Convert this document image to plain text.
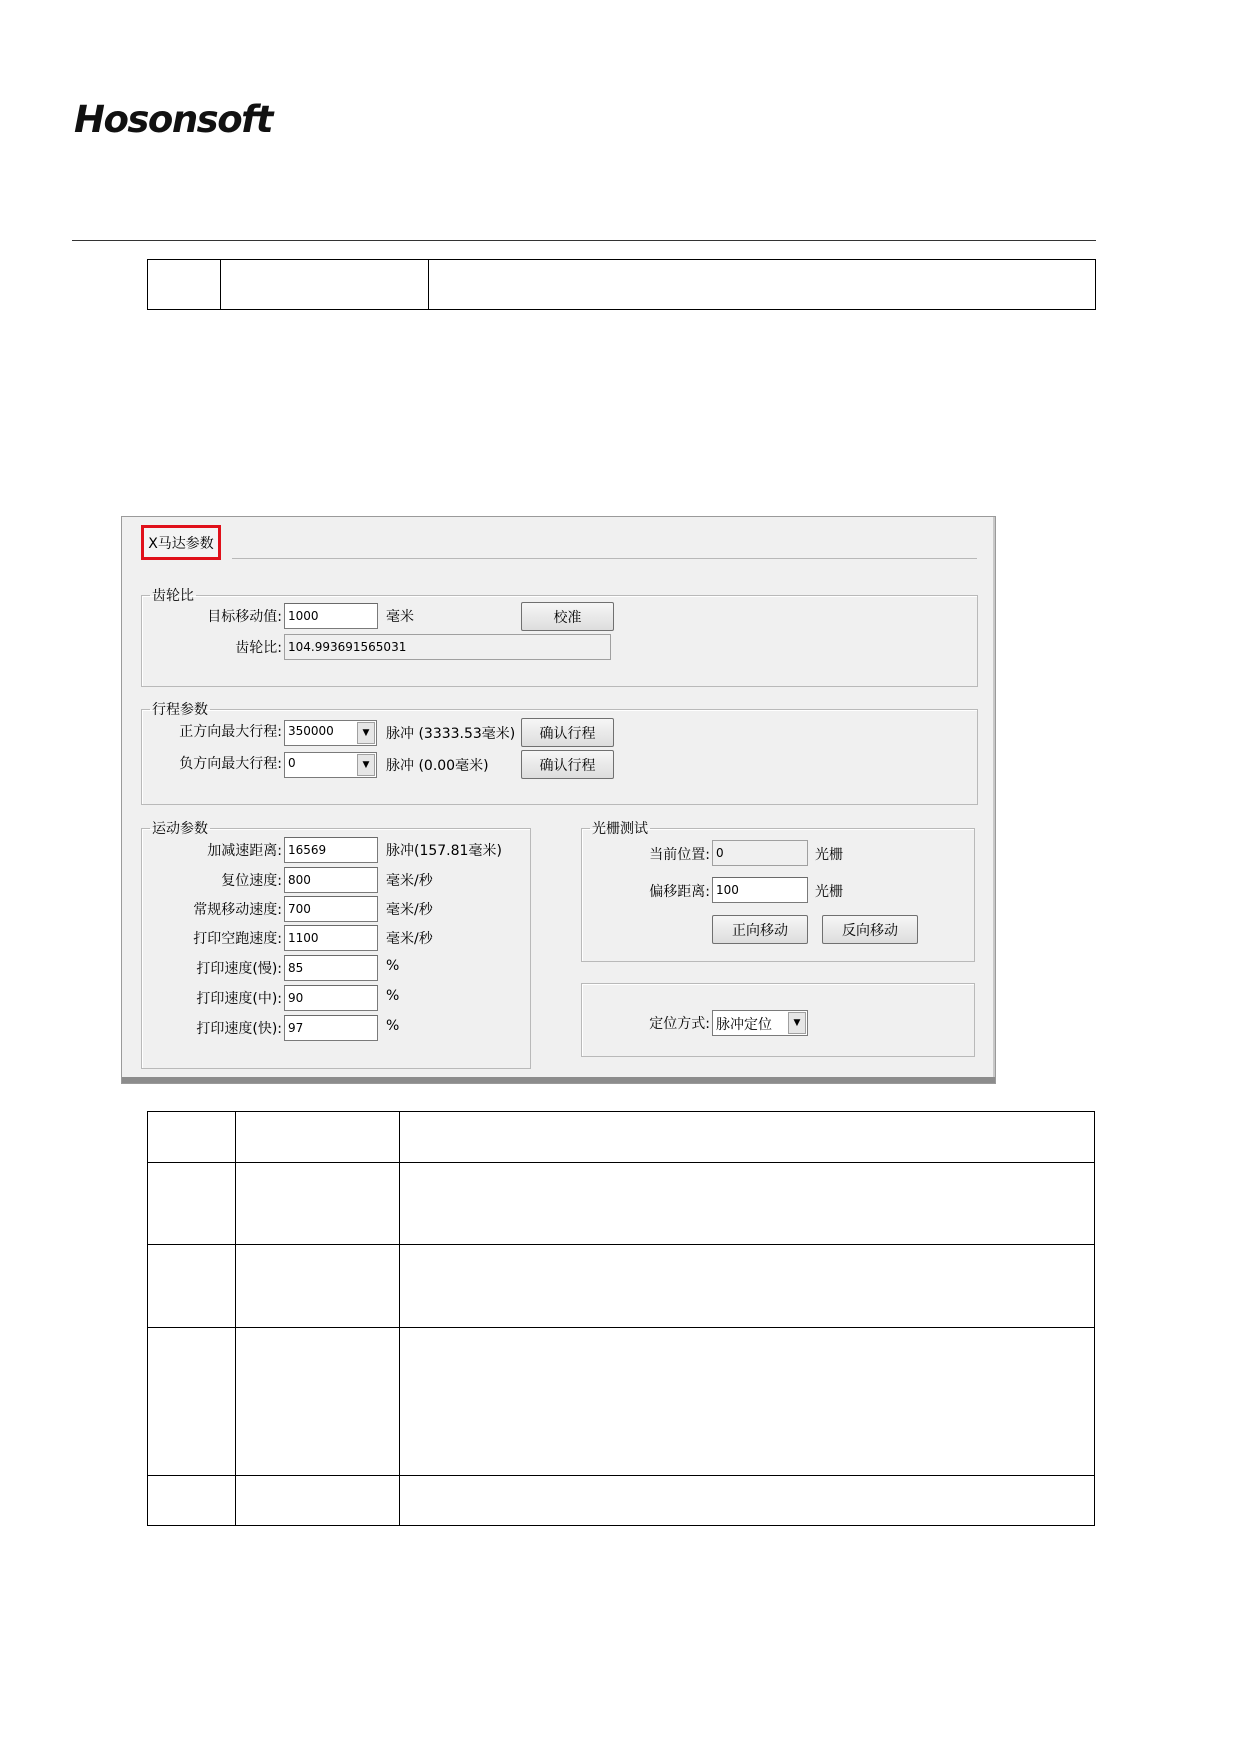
Hosonsoft

X马达参数
齿轮比
目标移动值:
1000	毫米	校准
齿轮比:
104.993691565031
行程参数
正方向最大行程: 350000	▼	脉冲 (3333.53毫米)	确认行程
负方向最大行程: 0	▼	脉冲 (0.00毫米)	确认行程
运动参数
加减速距离:
16569	脉冲(157.81毫米)
复位速度:
800	毫米/秒
常规移动速度:
700	毫米/秒
打印空跑速度:
1100	毫米/秒
打印速度(慢):
85	%
打印速度(中):
90	%
打印速度(快):
97	%
光栅测试
当前位置:
0	光栅
偏移距离:
100	光栅
正向移动	反向移动
定位方式: 脉冲定位	▼
